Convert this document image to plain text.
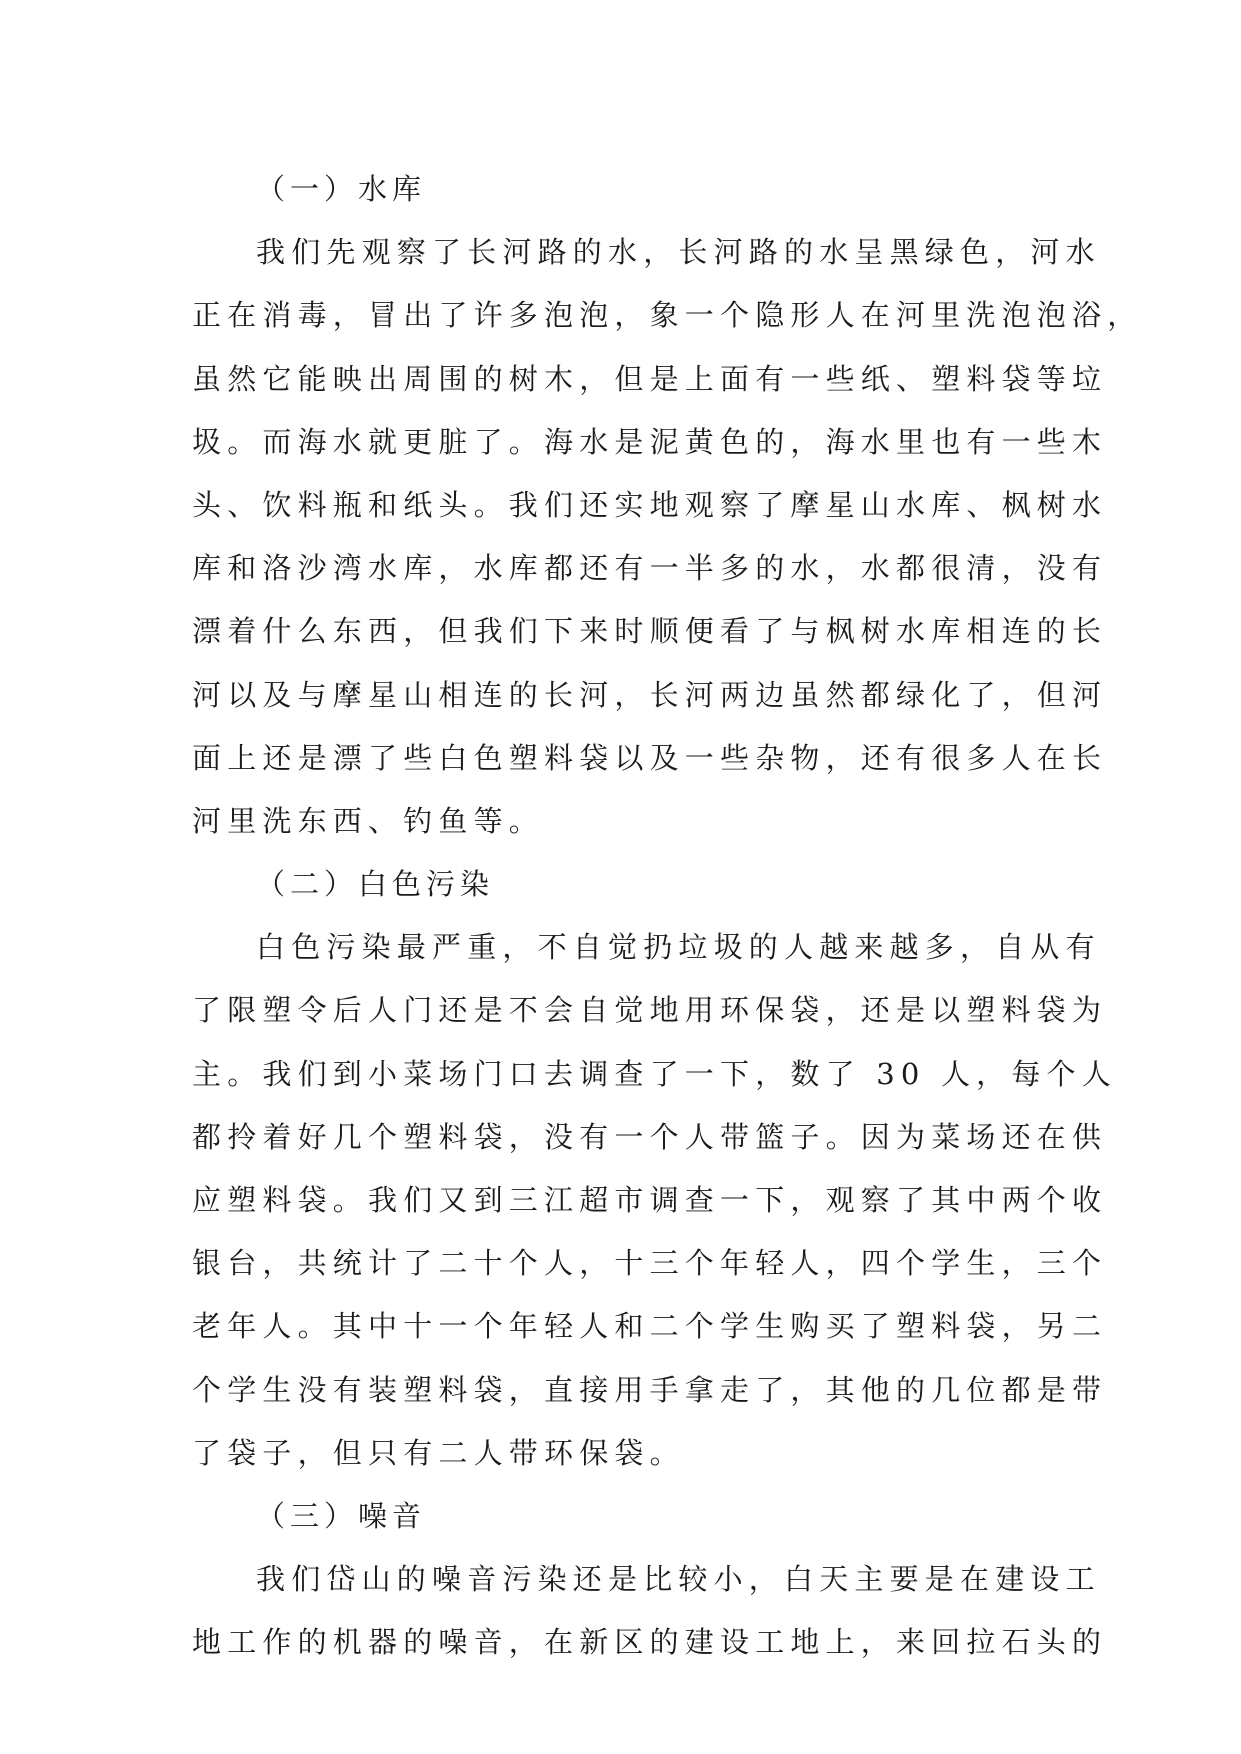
（一）水库
我们先观察了长河路的水，长河路的水呈黑绿色，河水
正在消毒，冒出了许多泡泡，象一个隐形人在河里洗泡泡浴，
虽然它能映出周围的树木，但是上面有一些纸、塑料袋等垃
圾。而海水就更脏了。海水是泥黄色的，海水里也有一些木
头、饮料瓶和纸头。我们还实地观察了摩星山水库、枫树水
库和洛沙湾水库，水库都还有一半多的水，水都很清，没有
漂着什么东西，但我们下来时顺便看了与枫树水库相连的长
河以及与摩星山相连的长河，长河两边虽然都绿化了，但河
面上还是漂了些白色塑料袋以及一些杂物，还有很多人在长
河里洗东西、钓鱼等。
（二）白色污染
白色污染最严重，不自觉扔垃圾的人越来越多，自从有
了限塑令后人门还是不会自觉地用环保袋，还是以塑料袋为
主。我们到小菜场门口去调查了一下，数了 30 人，每个人
都拎着好几个塑料袋，没有一个人带篮子。因为菜场还在供
应塑料袋。我们又到三江超市调查一下，观察了其中两个收
银台，共统计了二十个人，十三个年轻人，四个学生，三个
老年人。其中十一个年轻人和二个学生购买了塑料袋，另二
个学生没有装塑料袋，直接用手拿走了，其他的几位都是带
了袋子，但只有二人带环保袋。
（三）噪音
我们岱山的噪音污染还是比较小，白天主要是在建设工
地工作的机器的噪音，在新区的建设工地上，来回拉石头的
